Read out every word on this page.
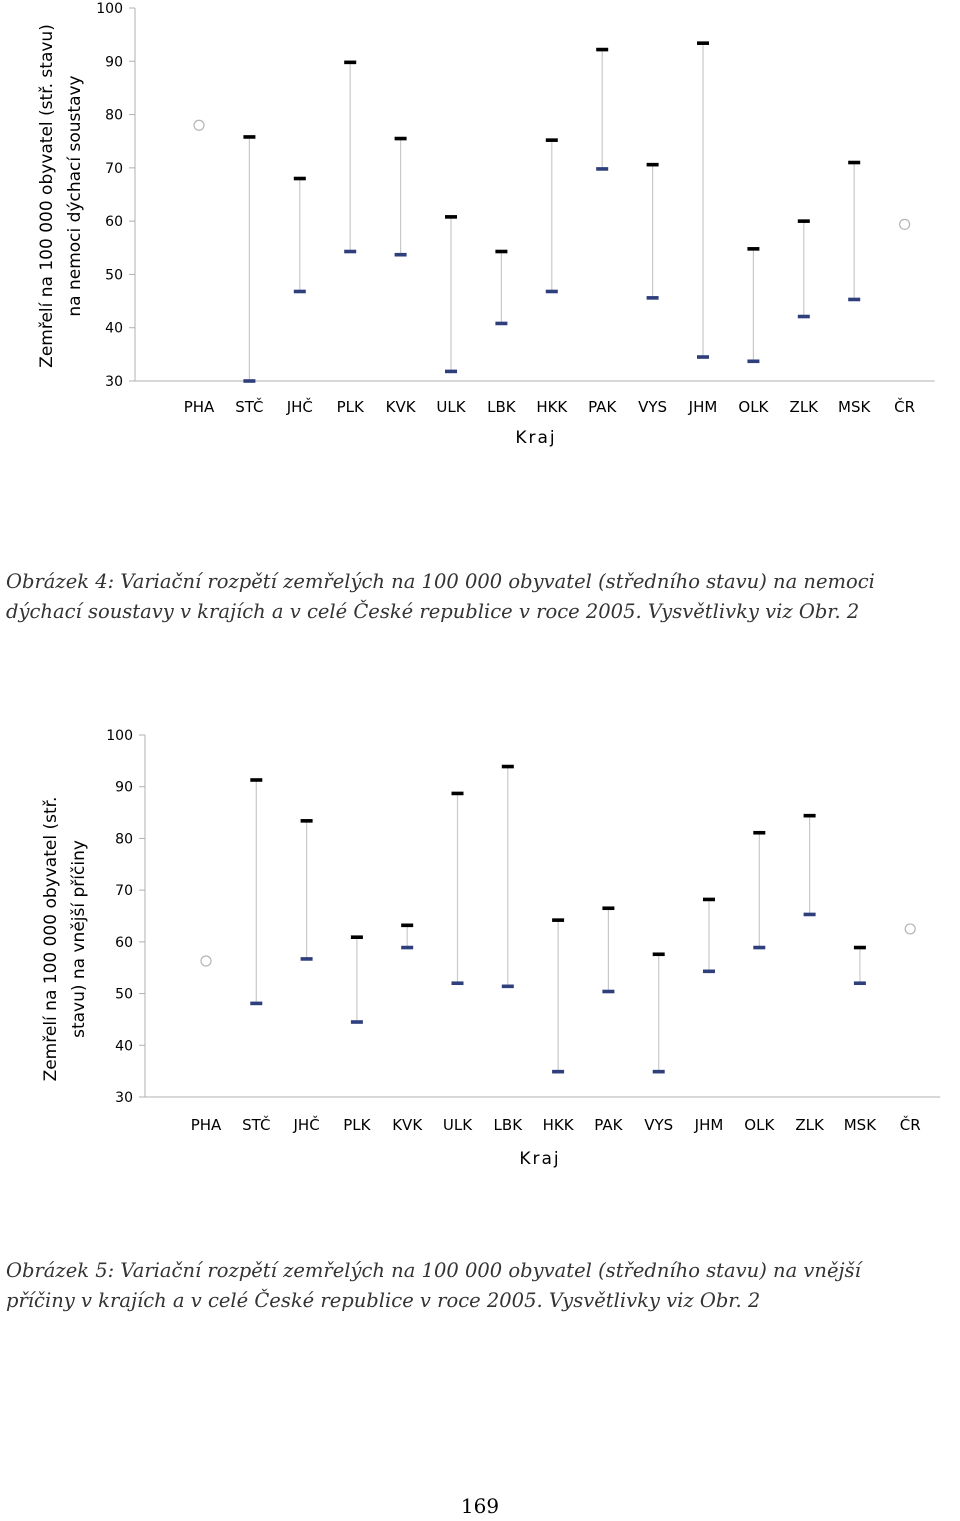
30
40
50
60
70
80
90
100
Zemřelí na 100 000 obyvatel (stř. stavu) na nemoci dýchací soustavy
PHA STČ JHČ PLK KVK ULK LBK HKK PAK VYS JHM OLK ZLK MSK ČR
Kraj
Obrázek 4: Variační rozpětí zemřelých na 100 000 obyvatel (středního stavu) na nemoci
dýchací soustavy v krajích a v celé České republice v roce 2005. Vysvětlivky viz Obr. 2
30
40
50
60
70
80
90
100
Zemřelí na 100 000 obyvatel (stř. stavu) na vnější příčiny
PHA STČ JHČ PLK KVK ULK LBK HKK PAK VYS JHM OLK ZLK MSK ČR
Kraj
Obrázek 5: Variační rozpětí zemřelých na 100 000 obyvatel (středního stavu) na vnější
příčiny v krajích a v celé České republice v roce 2005. Vysvětlivky viz Obr. 2
169
